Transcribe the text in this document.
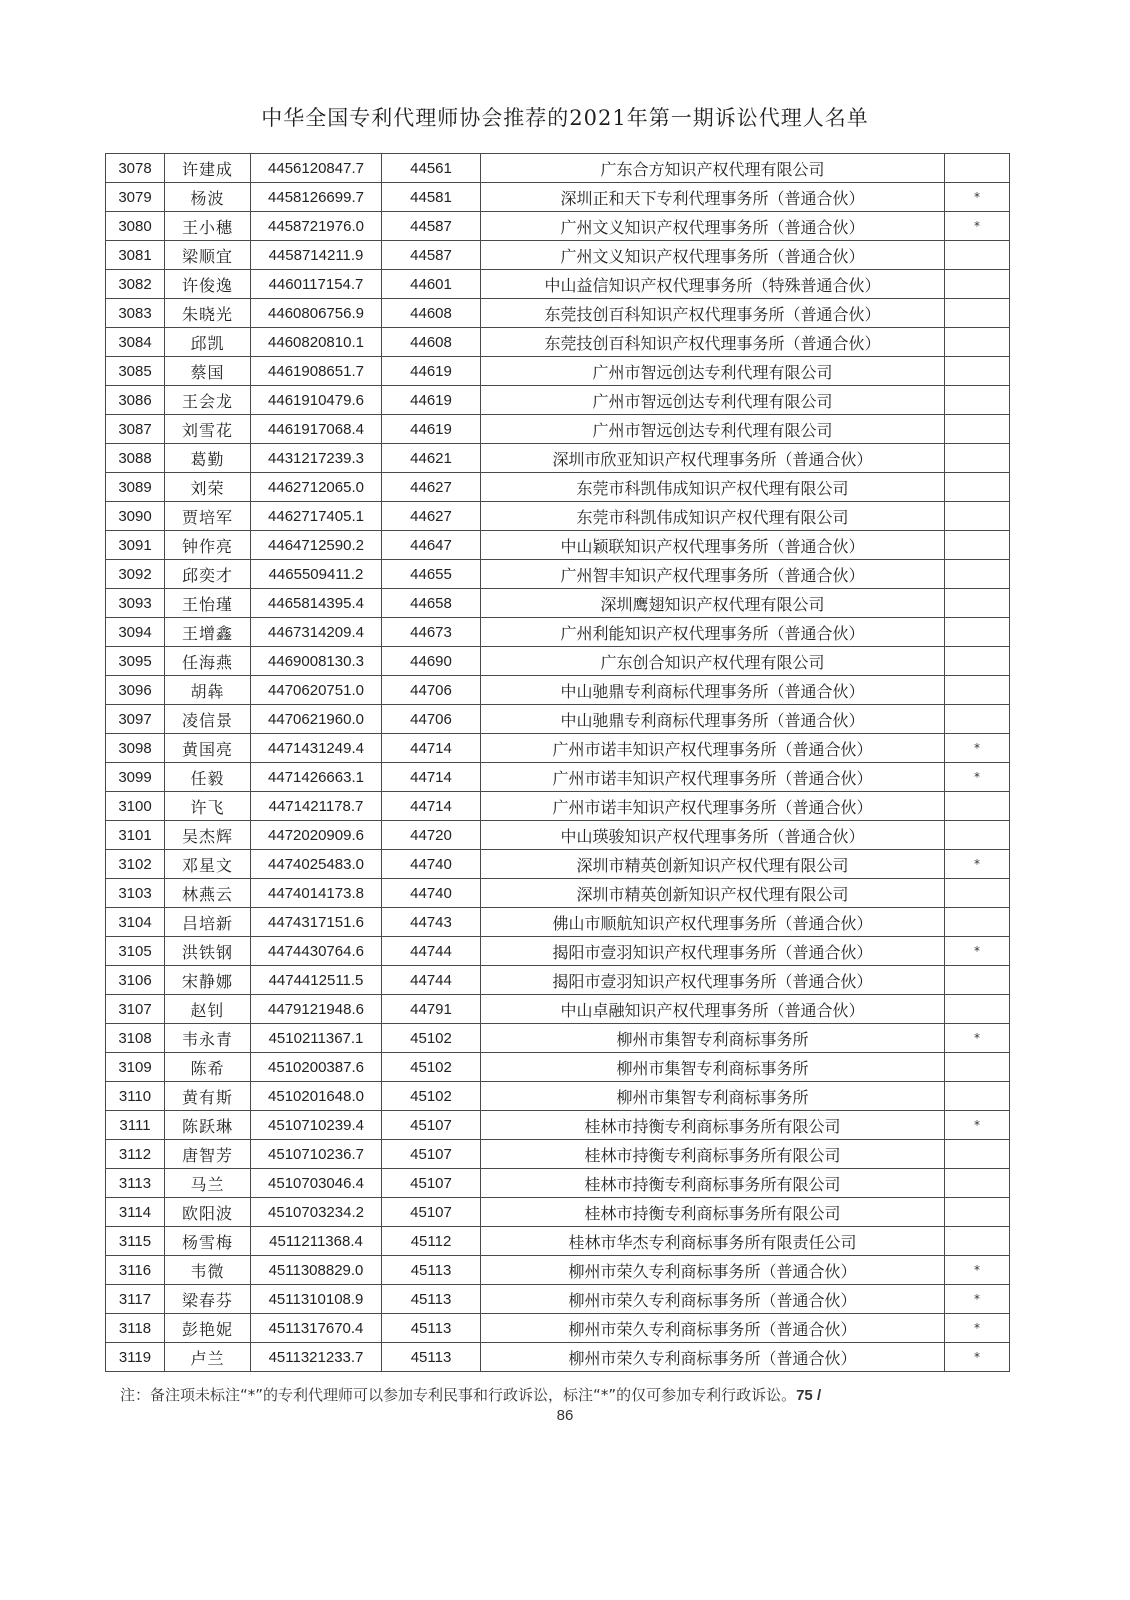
中华全国专利代理师协会推荐的2021年第一期诉讼代理人名单
3078	许建成	4456120847.7	44561	广东合方知识产权代理有限公司	
3079	杨波	4458126699.7	44581	深圳正和天下专利代理事务所（普通合伙）	*
3080	王小穗	4458721976.0	44587	广州文义知识产权代理事务所（普通合伙）	*
3081	梁顺宜	4458714211.9	44587	广州文义知识产权代理事务所（普通合伙）	
3082	许俊逸	4460117154.7	44601	中山益信知识产权代理事务所（特殊普通合伙）	
3083	朱晓光	4460806756.9	44608	东莞技创百科知识产权代理事务所（普通合伙）	
3084	邱凯	4460820810.1	44608	东莞技创百科知识产权代理事务所（普通合伙）	
3085	蔡国	4461908651.7	44619	广州市智远创达专利代理有限公司	
3086	王会龙	4461910479.6	44619	广州市智远创达专利代理有限公司	
3087	刘雪花	4461917068.4	44619	广州市智远创达专利代理有限公司	
3088	葛勤	4431217239.3	44621	深圳市欣亚知识产权代理事务所（普通合伙）	
3089	刘荣	4462712065.0	44627	东莞市科凯伟成知识产权代理有限公司	
3090	贾培军	4462717405.1	44627	东莞市科凯伟成知识产权代理有限公司	
3091	钟作亮	4464712590.2	44647	中山颖联知识产权代理事务所（普通合伙）	
3092	邱奕才	4465509411.2	44655	广州智丰知识产权代理事务所（普通合伙）	
3093	王怡瑾	4465814395.4	44658	深圳鹰翅知识产权代理有限公司	
3094	王增鑫	4467314209.4	44673	广州利能知识产权代理事务所（普通合伙）	
3095	任海燕	4469008130.3	44690	广东创合知识产权代理有限公司	
3096	胡犇	4470620751.0	44706	中山驰鼎专利商标代理事务所（普通合伙）	
3097	凌信景	4470621960.0	44706	中山驰鼎专利商标代理事务所（普通合伙）	
3098	黄国亮	4471431249.4	44714	广州市诺丰知识产权代理事务所（普通合伙）	*
3099	任毅	4471426663.1	44714	广州市诺丰知识产权代理事务所（普通合伙）	*
3100	许飞	4471421178.7	44714	广州市诺丰知识产权代理事务所（普通合伙）	
3101	吴杰辉	4472020909.6	44720	中山瑛骏知识产权代理事务所（普通合伙）	
3102	邓星文	4474025483.0	44740	深圳市精英创新知识产权代理有限公司	*
3103	林燕云	4474014173.8	44740	深圳市精英创新知识产权代理有限公司	
3104	吕培新	4474317151.6	44743	佛山市顺航知识产权代理事务所（普通合伙）	
3105	洪铁钢	4474430764.6	44744	揭阳市壹羽知识产权代理事务所（普通合伙）	*
3106	宋静娜	4474412511.5	44744	揭阳市壹羽知识产权代理事务所（普通合伙）	
3107	赵钊	4479121948.6	44791	中山卓融知识产权代理事务所（普通合伙）	
3108	韦永青	4510211367.1	45102	柳州市集智专利商标事务所	*
3109	陈希	4510200387.6	45102	柳州市集智专利商标事务所	
3110	黄有斯	4510201648.0	45102	柳州市集智专利商标事务所	
3111	陈跃琳	4510710239.4	45107	桂林市持衡专利商标事务所有限公司	*
3112	唐智芳	4510710236.7	45107	桂林市持衡专利商标事务所有限公司	
3113	马兰	4510703046.4	45107	桂林市持衡专利商标事务所有限公司	
3114	欧阳波	4510703234.2	45107	桂林市持衡专利商标事务所有限公司	
3115	杨雪梅	4511211368.4	45112	桂林市华杰专利商标事务所有限责任公司	
3116	韦微	4511308829.0	45113	柳州市荣久专利商标事务所（普通合伙）	*
3117	梁春芬	4511310108.9	45113	柳州市荣久专利商标事务所（普通合伙）	*
3118	彭艳妮	4511317670.4	45113	柳州市荣久专利商标事务所（普通合伙）	*
3119	卢兰	4511321233.7	45113	柳州市荣久专利商标事务所（普通合伙）	*
注：备注项未标注“*”的专利代理师可以参加专利民事和行政诉讼，标注“*”的仅可参加专利行政诉讼。75 /
86
